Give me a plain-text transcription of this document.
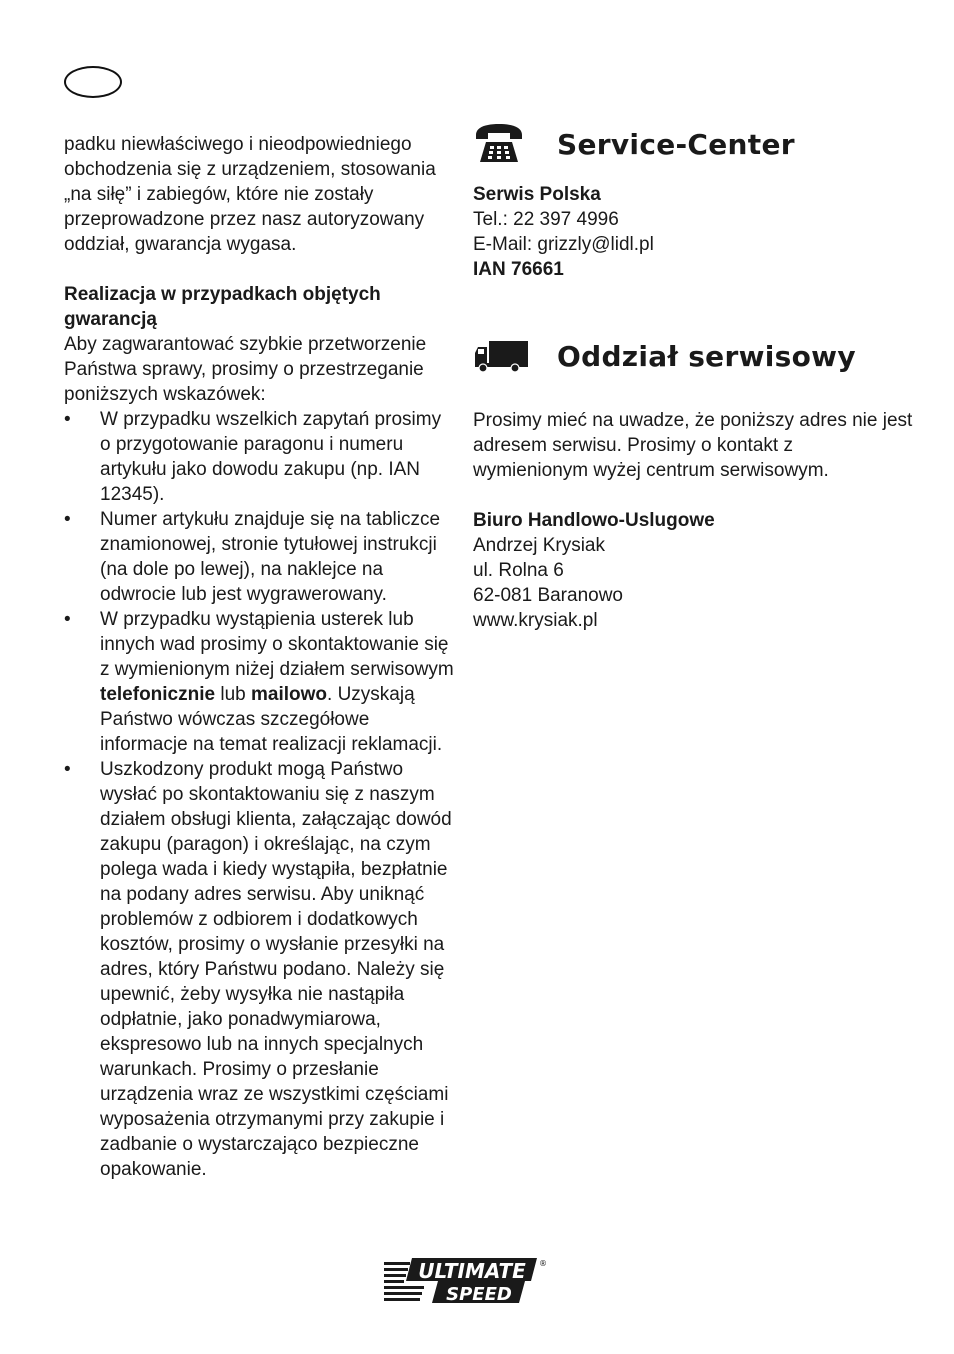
padku niewłaściwego i nieodpowiedniego obchodzenia się z urządzeniem, stosowania „na siłę” i zabiegów, które nie zostały przeprowadzone przez nasz autoryzowany oddział, gwarancja wygasa.

Realizacja w przypadkach objętych gwarancją

Aby zagwarantować szybkie przetworzenie Państwa sprawy, prosimy o przestrzeganie poniższych wskazówek:

• W przypadku wszelkich zapytań prosimy o przygotowanie paragonu i numeru artykułu jako dowodu zakupu (np. IAN 12345).
• Numer artykułu znajduje się na tabliczce znamionowej, stronie tytułowej instrukcji (na dole po lewej), na naklejce na odwrocie lub jest wygrawerowany.
• W przypadku wystąpienia usterek lub innych wad prosimy o skontaktowanie się z wymienionym niżej działem serwisowym telefonicznie lub mailowo. Uzyskają Państwo wówczas szczegółowe informacje na temat realizacji reklamacji.
• Uszkodzony produkt mogą Państwo wysłać po skontaktowaniu się z naszym działem obsługi klienta, załączając dowód zakupu (paragon) i określając, na czym polega wada i kiedy wystąpiła, bezpłatnie na podany adres serwisu. Aby uniknąć problemów z odbiorem i dodatkowych kosztów, prosimy o wysłanie przesyłki na adres, który Państwu podano. Należy się upewnić, żeby wysyłka nie nastąpiła odpłatnie, jako ponadwymiarowa, ekspresowo lub na innych specjalnych warunkach. Prosimy o przesłanie urządzenia wraz ze wszystkimi częściami wyposażenia otrzymanymi przy zakupie i zadbanie o wystarczająco bezpieczne opakowanie.
Service-Center

Serwis Polska

Tel.: 22 397 4996

E-Mail: grizzly@lidl.pl

IAN 76661

Oddział serwisowy

Prosimy mieć na uwadze, że poniższy adres nie jest adresem serwisu. Prosimy o kontakt z wymienionym wyżej centrum serwisowym.

Biuro Handlowo-Uslugowe

Andrzej Krysiak

ul. Rolna 6

62-081 Baranowo

www.krysiak.pl

ULTIMATE
SPEED
®
